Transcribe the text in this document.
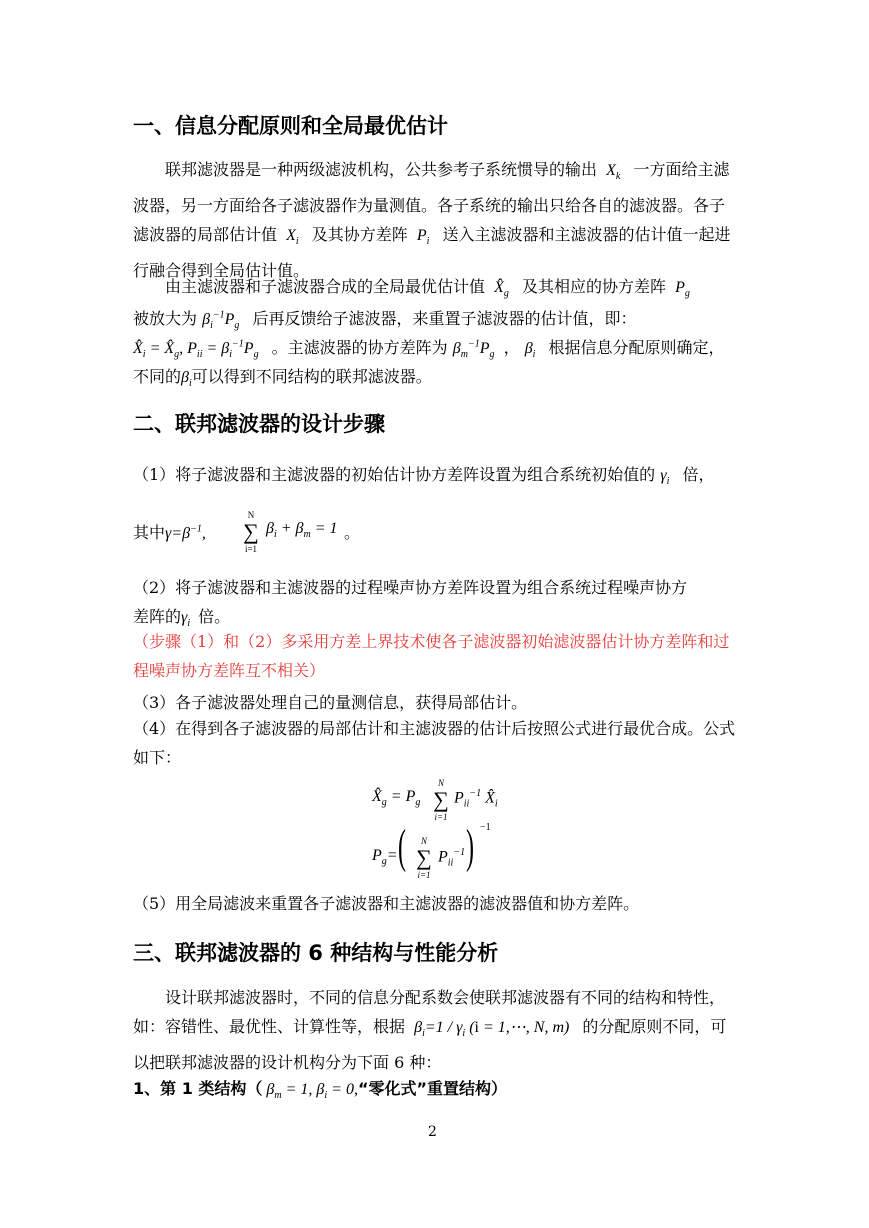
一、信息分配原则和全局最优估计
联邦滤波器是一种两级滤波机构，公共参考子系统惯导的输出  $X_k$ 一方面给主滤波器，另一方面给各子滤波器作为量测值。各子系统的输出只给各自的滤波器。各子滤波器的局部估计值  $X_i$ 及其协方差阵  $P_i$ 送入主滤波器和主滤波器的估计值一起进行融合得到全局估计值。
由主滤波器和子滤波器合成的全局最优估计值  $X̂_g$ 及其相应的协方差阵  $P_g$

被放大为 $\beta_i^{-1}P_g$ 后再反馈给子滤波器，来重置子滤波器的估计值，即：
$X̂_i$ = $X̂_g$, $P_{ii} = \beta_i^{-1}P_g$ 。主滤波器的协方差阵为 $\beta_m^{-1}P_g$ ， $\beta_i$ 根据信息分配原则确定，
不同的$\beta_i$可以得到不同结构的联邦滤波器。
二、联邦滤波器的设计步骤
（1）将子滤波器和主滤波器的初始估计协方差阵设置为组合系统初始值的 $\gamma_i$ 倍，
其中$\gamma=\beta^{-1}$,
N
∑
i=1
$\beta_i + \beta_m = 1$
。
（2）将子滤波器和主滤波器的过程噪声协方差阵设置为组合系统过程噪声协方
差阵的$\gamma_i$ 倍。
（步骤（1）和（2）多采用方差上界技术使各子滤波器初始滤波器估计协方差阵和过程噪声协方差阵互不相关）
（3）各子滤波器处理自己的量测信息，获得局部估计。
（4）在得到各子滤波器的局部估计和主滤波器的估计后按照公式进行最优合成。公式如下：
$X̂_g = P_g$
N
∑
i=1
$P_{ii}^{-1}$ $X̂_i$
$P_g=$ (	N
∑
i=1
$P_{ii}^{-1}$ ) −1
（5）用全局滤波来重置各子滤波器和主滤波器的滤波器值和协方差阵。
三、联邦滤波器的 6 种结构与性能分析
设计联邦滤波器时，不同的信息分配系数会使联邦滤波器有不同的结构和特性，如：容错性、最优性、计算性等，根据  $\beta_i=1 / \gamma_i$ (i = 1,⋯, N, m)   的分配原则不同，可以把联邦滤波器的设计机构分为下面 6 种：
1、第 1 类结构（ $\beta_m = 1$, $\beta_i$ = 0,“零化式”重置结构）
2
